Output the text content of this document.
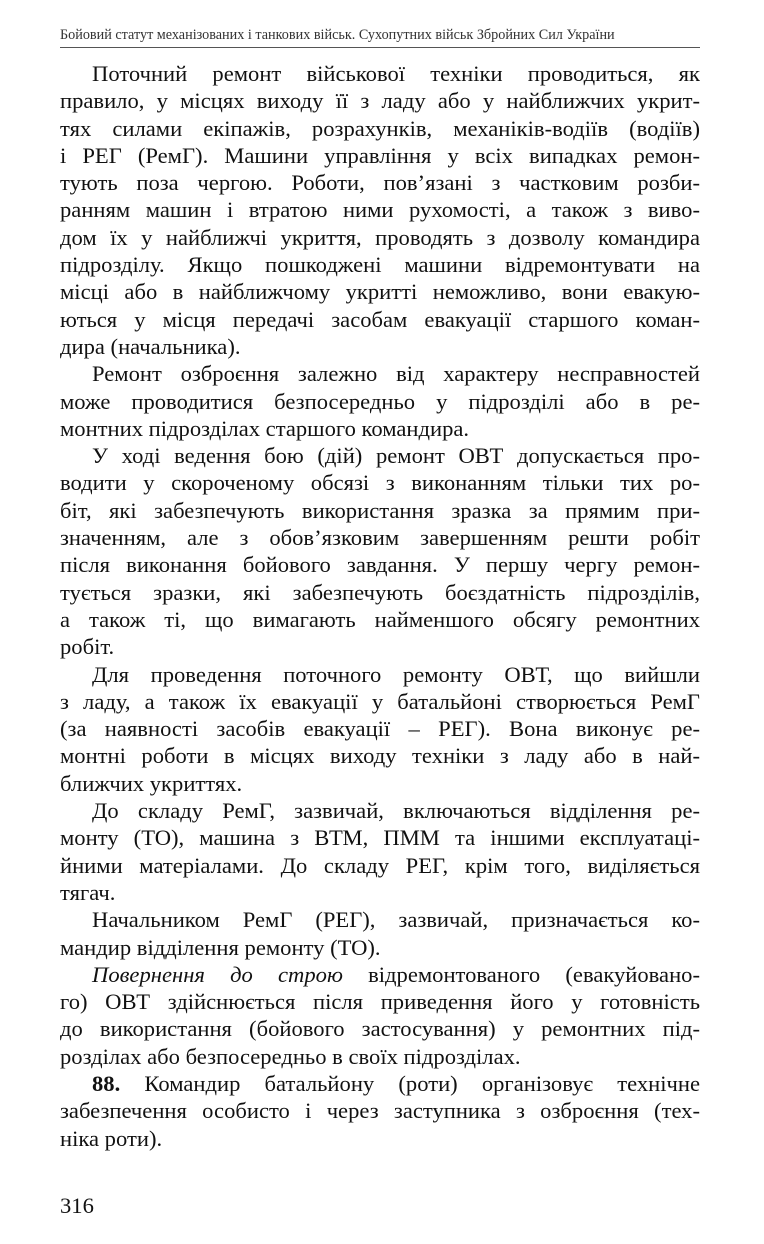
Бойовий статут механізованих і танкових військ. Сухопутних військ Збройних Сил України

Поточний ремонт військової техніки проводиться, як
правило, у місцях виходу її з ладу або у найближчих укрит-
тях силами екіпажів, розрахунків, механіків-водіїв (водіїв)
і РЕГ (РемГ). Машини управління у всіх випадках ремон-
тують поза чергою. Роботи, пов’язані з частковим розби-
ранням машин і втратою ними рухомості, а також з виво-
дом їх у найближчі укриття, проводять з дозволу командира
підрозділу. Якщо пошкоджені машини відремонтувати на
місці або в найближчому укритті неможливо, вони евакую-
ються у місця передачі засобам евакуації старшого коман-
дира (начальника).

Ремонт озброєння залежно від характеру несправностей
може проводитися безпосередньо у підрозділі або в ре-
монтних підрозділах старшого командира.

У ході ведення бою (дій) ремонт ОВТ допускається про-
водити у скороченому обсязі з виконанням тільки тих ро-
біт, які забезпечують використання зразка за прямим при-
значенням, але з обов’язковим завершенням решти робіт
після виконання бойового завдання. У першу чергу ремон-
тується зразки, які забезпечують боєздатність підрозділів,
а також ті, що вимагають найменшого обсягу ремонтних
робіт.

Для проведення поточного ремонту ОВТ, що вийшли
з ладу, а також їх евакуації у батальйоні створюється РемГ
(за наявності засобів евакуації – РЕГ). Вона виконує ре-
монтні роботи в місцях виходу техніки з ладу або в най-
ближчих укриттях.

До складу РемГ, зазвичай, включаються відділення ре-
монту (ТО), машина з ВТМ, ПММ та іншими експлуатаці-
йними матеріалами. До складу РЕГ, крім того, виділяється
тягач.

Начальником РемГ (РЕГ), зазвичай, призначається ко-
мандир відділення ремонту (ТО).

Повернення до строю відремонтованого (евакуйовано-
го) ОВТ здійснюється після приведення його у готовність
до використання (бойового застосування) у ремонтних під-
розділах або безпосередньо в своїх підрозділах.

88. Командир батальйону (роти) організовує технічне
забезпечення особисто і через заступника з озброєння (тех-
ніка роти).

316
